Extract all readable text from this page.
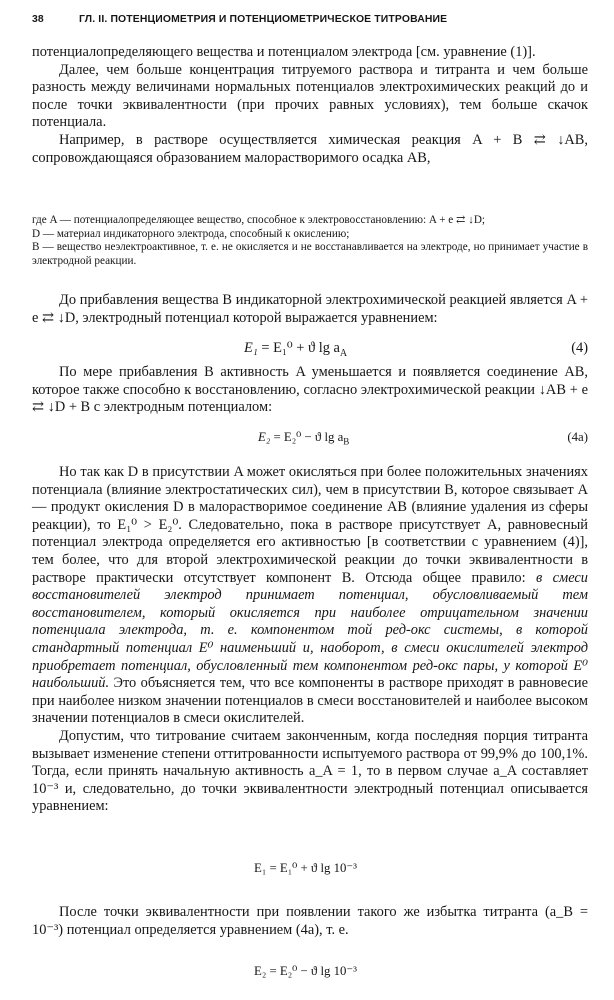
38	ГЛ. II. ПОТЕНЦИОМЕТРИЯ И ПОТЕНЦИОМЕТРИЧЕСКОЕ ТИТРОВАНИЕ

потенциалопределяющего вещества и потенциалом электрода [см. уравнение (1)].

Далее, чем больше концентрация титруемого раствора и титранта и чем больше разность между величинами нормальных потенциалов электрохимических реакций до и после точки эквивалентности (при прочих равных условиях), тем больше скачок потенциала.

Например, в растворе осуществляется химическая реакция A + B ⇄ ↓AB, сопровождающаяся образованием малорастворимого осадка AB,

где A — потенциалопределяющее вещество, способное к электровосстановлению: A + e ⇄ ↓D;

D — материал индикаторного электрода, способный к окислению;

B — вещество неэлектроактивное, т. е. не окисляется и не восстанавливается на электроде, но принимает участие в электродной реакции.

До прибавления вещества B индикаторной электрохимической реакцией является A + e ⇄ ↓D, электродный потенциал которой выражается уравнением:

E₁ = E₁⁰ + ϑ $\lg a_A$	(4)

По мере прибавления B активность A уменьшается и появляется соединение AB, которое также способно к восстановлению, согласно электрохимической реакции ↓AB + e ⇄ ↓D + B с электродным потенциалом:

E₂ = E₂⁰ − ϑ $\lg a_B$	(4а)

Но так как D в присутствии A может окисляться при более положительных значениях потенциала (влияние электростатических сил), чем в присутствии B, которое связывает A — продукт окисления D в малорастворимое соединение AB (влияние удаления из сферы реакции), то E₁⁰ > E₂⁰. Следовательно, пока в растворе присутствует A, равновесный потенциал электрода определяется его активностью [в соответствии с уравнением (4)], тем более, что для второй электрохимической реакции до точки эквивалентности в растворе практически отсутствует компонент B. Отсюда общее правило: в смеси восстановителей электрод принимает потенциал, обусловливаемый тем восстановителем, который окисляется при наиболее отрицательном значении потенциала электрода, т. е. компонентом той ред-окс системы, в которой стандартный потенциал E⁰ наименьший и, наоборот, в смеси окислителей электрод приобретает потенциал, обусловленный тем компонентом ред-окс пары, у которой E⁰ наибольший. Это объясняется тем, что все компоненты в растворе приходят в равновесие при наиболее низком значении потенциалов в смеси восстановителей и наиболее высоком значении потенциалов в смеси окислителей.

Допустим, что титрование считаем законченным, когда последняя порция титранта вызывает изменение степени оттитрованности испытуемого раствора от 99,9% до 100,1%. Тогда, если принять начальную активность a_A = 1, то в первом случае a_A составляет 10⁻³ и, следовательно, до точки эквивалентности электродный потенциал описывается уравнением:

E₁ = E₁⁰ + ϑ lg 10⁻³

После точки эквивалентности при появлении такого же избытка титранта (a_B = 10⁻³) потенциал определяется уравнением (4а), т. е.

E₂ = E₂⁰ − ϑ lg 10⁻³
